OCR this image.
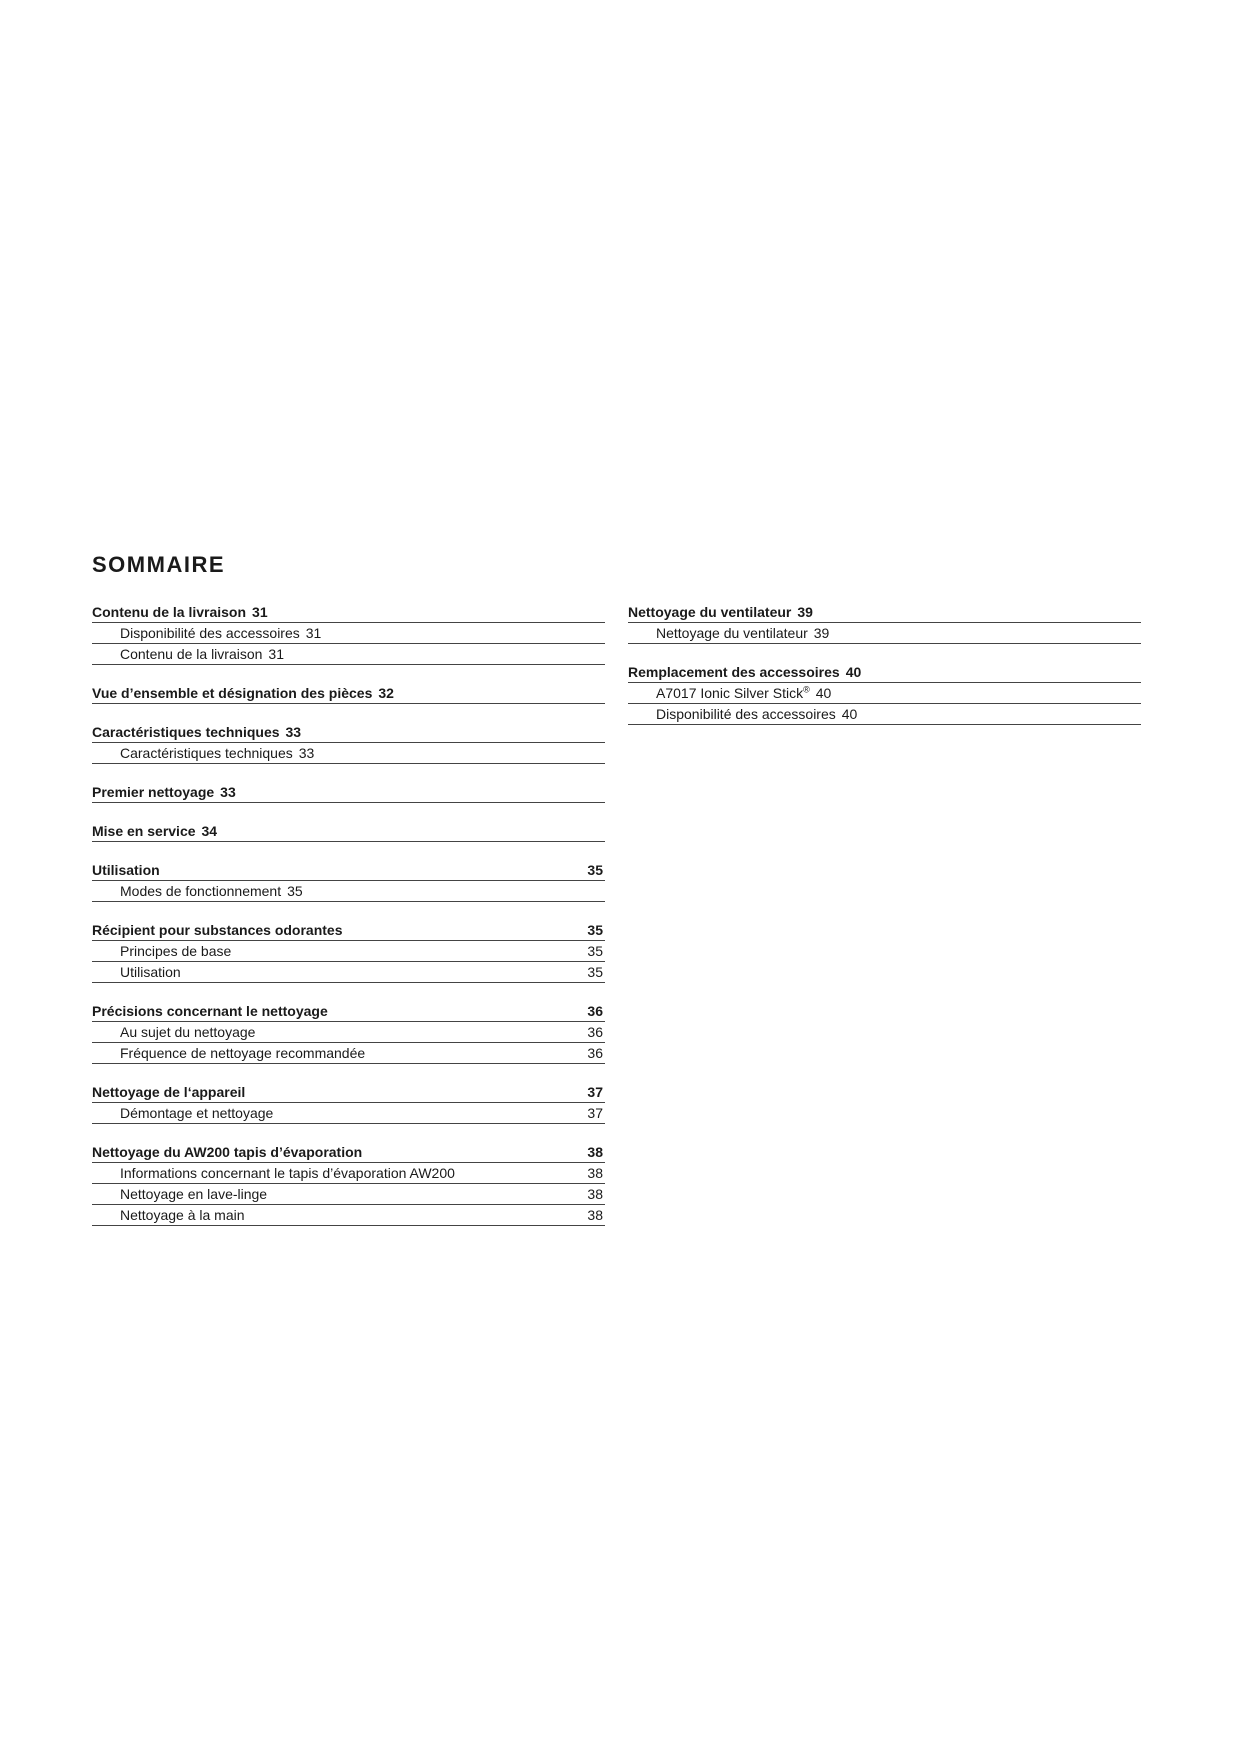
SOMMAIRE
Contenu de la livraison 31
Disponibilité des accessoires 31
Contenu de la livraison 31
Vue d’ensemble et désignation des pièces 32
Caractéristiques techniques 33
Caractéristiques techniques 33
Premier nettoyage 33
Mise en service 34
Utilisation	35
Modes de fonctionnement 35
Récipient pour substances odorantes	35
Principes de base	35
Utilisation	35
Précisions concernant le nettoyage	36
Au sujet du nettoyage	36
Fréquence de nettoyage recommandée	36
Nettoyage de l‘appareil	37
Démontage et nettoyage	37
Nettoyage du AW200 tapis d’évaporation	38
Informations concernant le tapis d’évaporation AW200	38
Nettoyage en lave-linge	38
Nettoyage à la main	38
Nettoyage du ventilateur 39
Nettoyage du ventilateur 39
Remplacement des accessoires 40
A7017 Ionic Silver Stick® 40
Disponibilité des accessoires 40
